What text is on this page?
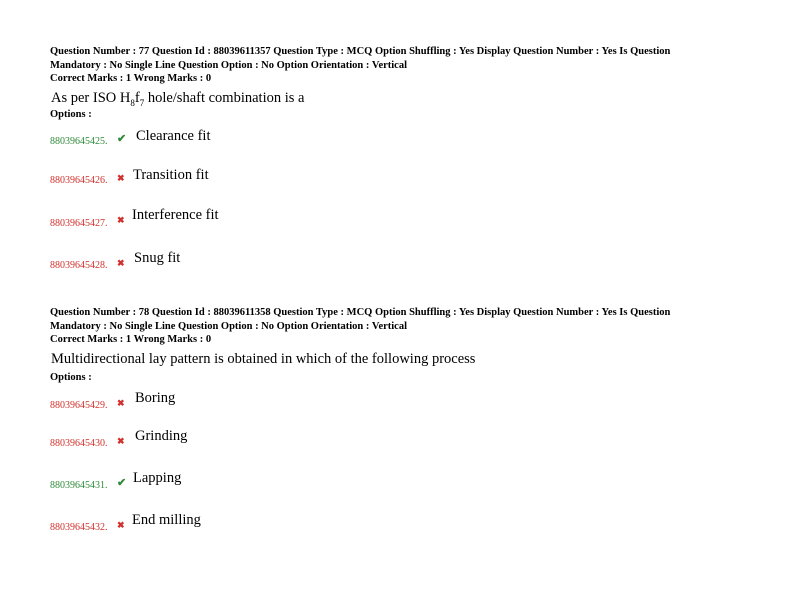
Question Number : 77 Question Id : 88039611357 Question Type : MCQ Option Shuffling : Yes Display Question Number : Yes Is Question
Mandatory : No Single Line Question Option : No Option Orientation : Vertical
Correct Marks : 1 Wrong Marks : 0
As per ISO $H_8f_7$ hole/shaft combination is a
Options :
88039645425. ✔ Clearance fit
88039645426. ✖ Transition fit
88039645427. ✖ Interference fit
88039645428. ✖ Snug fit
Question Number : 78 Question Id : 88039611358 Question Type : MCQ Option Shuffling : Yes Display Question Number : Yes Is Question
Mandatory : No Single Line Question Option : No Option Orientation : Vertical
Correct Marks : 1 Wrong Marks : 0
Multidirectional lay pattern is obtained in which of the following process
Options :
88039645429. ✖ Boring
88039645430. ✖ Grinding
88039645431. ✔ Lapping
88039645432. ✖ End milling
